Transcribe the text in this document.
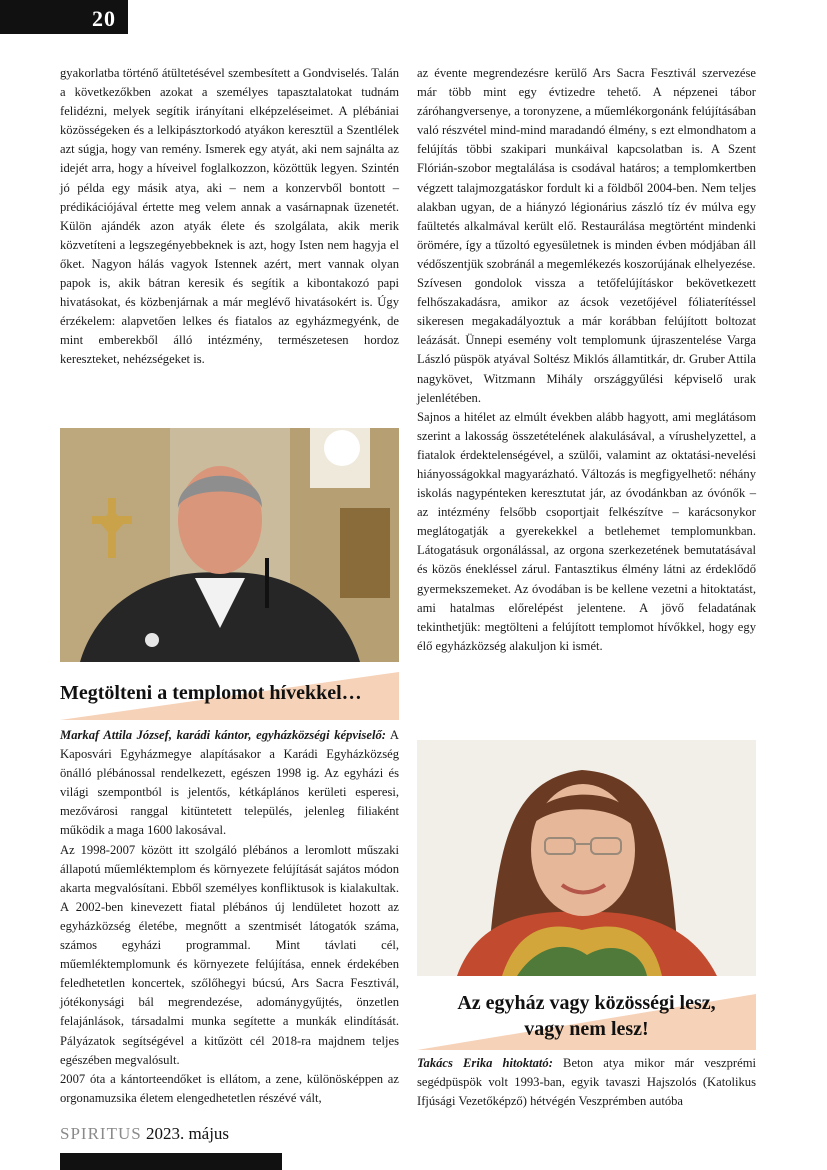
20

gyakorlatba történő átültetésével szembesített a Gondviselés. Talán a következőkben azokat a személyes tapasztalatokat tudnám felidézni, melyek segítik irányítani elképzeléseimet. A plébániai közösségeken és a lelkipásztorkodó atyákon keresztül a Szentlélek azt súgja, hogy van remény. Ismerek egy atyát, aki nem sajnálta az idejét arra, hogy a híveivel foglalkozzon, közöttük legyen. Szintén jó példa egy másik atya, aki – nem a konzervből bontott – prédikációjával értette meg velem annak a vasárnapnak üzenetét. Külön ajándék azon atyák élete és szolgálata, akik merik közvetíteni a legszegényebbeknek is azt, hogy Isten nem hagyja el őket. Nagyon hálás vagyok Istennek azért, mert vannak olyan papok is, akik bátran keresik és segítik a kibontakozó papi hivatásokat, és közbenjárnak a már meglévő hivatásokért is. Úgy érzékelem: alapvetően lelkes és fiatalos az egyházmegyénk, de mint emberekből álló intézmény, természetesen hordoz kereszteket, nehézségeket is.

Megtölteni a templomot hívekkel…

Markaf Attila József, karádi kántor, egyházközségi képviselő: A Kaposvári Egyházmegye alapításakor a Karádi Egyházközség önálló plébánossal rendelkezett, egészen 1998 ig. Az egyházi és világi szempontból is jelentős, kétkáplános kerületi esperesi, mezővárosi ranggal kitüntetett település, jelenleg filiaként működik a maga 1600 lakosával.

Az 1998-2007 között itt szolgáló plébános a leromlott műszaki állapotú műemléktemplom és környezete felújítását sajátos módon akarta megvalósítani. Ebből személyes konfliktusok is kialakultak. A 2002-ben kinevezett fiatal plébános új lendületet hozott az egyházközség életébe, megnőtt a szentmisét látogatók száma, számos egyházi programmal. Mint távlati cél, műemléktemplomunk és környezete felújítása, ennek érdekében feledhetetlen koncertek, szőlőhegyi búcsú, Ars Sacra Fesztivál, jótékonysági bál megrendezése, adománygyűjtés, önzetlen felajánlások, társadalmi munka segítette a munkák elindítását. Pályázatok segítségével a kitűzött cél 2018-ra majdnem teljes egészében megvalósult.

2007 óta a kántorteendőket is ellátom, a zene, különösképpen az orgonamuzsika életem elengedhetetlen részévé vált,

az évente megrendezésre kerülő Ars Sacra Fesztivál szervezése már több mint egy évtizedre tehető. A népzenei tábor záróhangversenye, a toronyzene, a műemlékorgonánk felújításában való részvétel mind-mind maradandó élmény, s ezt elmondhatom a felújítás többi szakipari munkáival kapcsolatban is. A Szent Flórián-szobor megtalálása is csodával határos; a templomkertben végzett talajmozgatáskor fordult ki a földből 2004-ben. Nem teljes alakban ugyan, de a hiányzó légionárius zászló tíz év múlva egy faültetés alkalmával került elő. Restaurálása megtörtént mindenki örömére, így a tűzoltó egyesületnek is minden évben módjában áll védőszentjük szobránál a megemlékezés koszorújának elhelyezése.

Szívesen gondolok vissza a tetőfelújításkor bekövetkezett felhőszakadásra, amikor az ácsok vezetőjével fóliaterítéssel sikeresen megakadályoztuk a már korábban felújított boltozat leázását. Ünnepi esemény volt templomunk újraszentelése Varga László püspök atyával Soltész Miklós államtitkár, dr. Gruber Attila nagykövet, Witzmann Mihály országgyűlési képviselő urak jelenlétében.

Sajnos a hitélet az elmúlt években alább hagyott, ami meglátásom szerint a lakosság összetételének alakulásával, a vírushelyzettel, a fiatalok érdektelenségével, a szülői, valamint az oktatási-nevelési hiányosságokkal magyarázható. Változás is megfigyelhető: néhány iskolás nagypénteken keresztutat jár, az óvodánkban az óvónők – az intézmény felsőbb csoportjait felkészítve – karácsonykor meglátogatják a gyerekekkel a betlehemet templomunkban. Látogatásuk orgonálással, az orgona szerkezetének bemutatásával és közös énekléssel zárul. Fantasztikus élmény látni az érdeklődő gyermekszemeket. Az óvodában is be kellene vezetni a hitoktatást, ami hatalmas előrelépést jelentene. A jövő feladatának tekinthetjük: megtölteni a felújított templomot hívőkkel, hogy egy élő egyházközség alakuljon ki ismét.

Az egyház vagy közösségi lesz,
vagy nem lesz!

Takács Erika hitoktató: Beton atya mikor már veszprémi segédpüspök volt 1993-ban, egyik tavaszi Hajszolós (Katolikus Ifjúsági Vezetőképző) hétvégén Veszprémben autóba

SPIRITUS 2023. május
